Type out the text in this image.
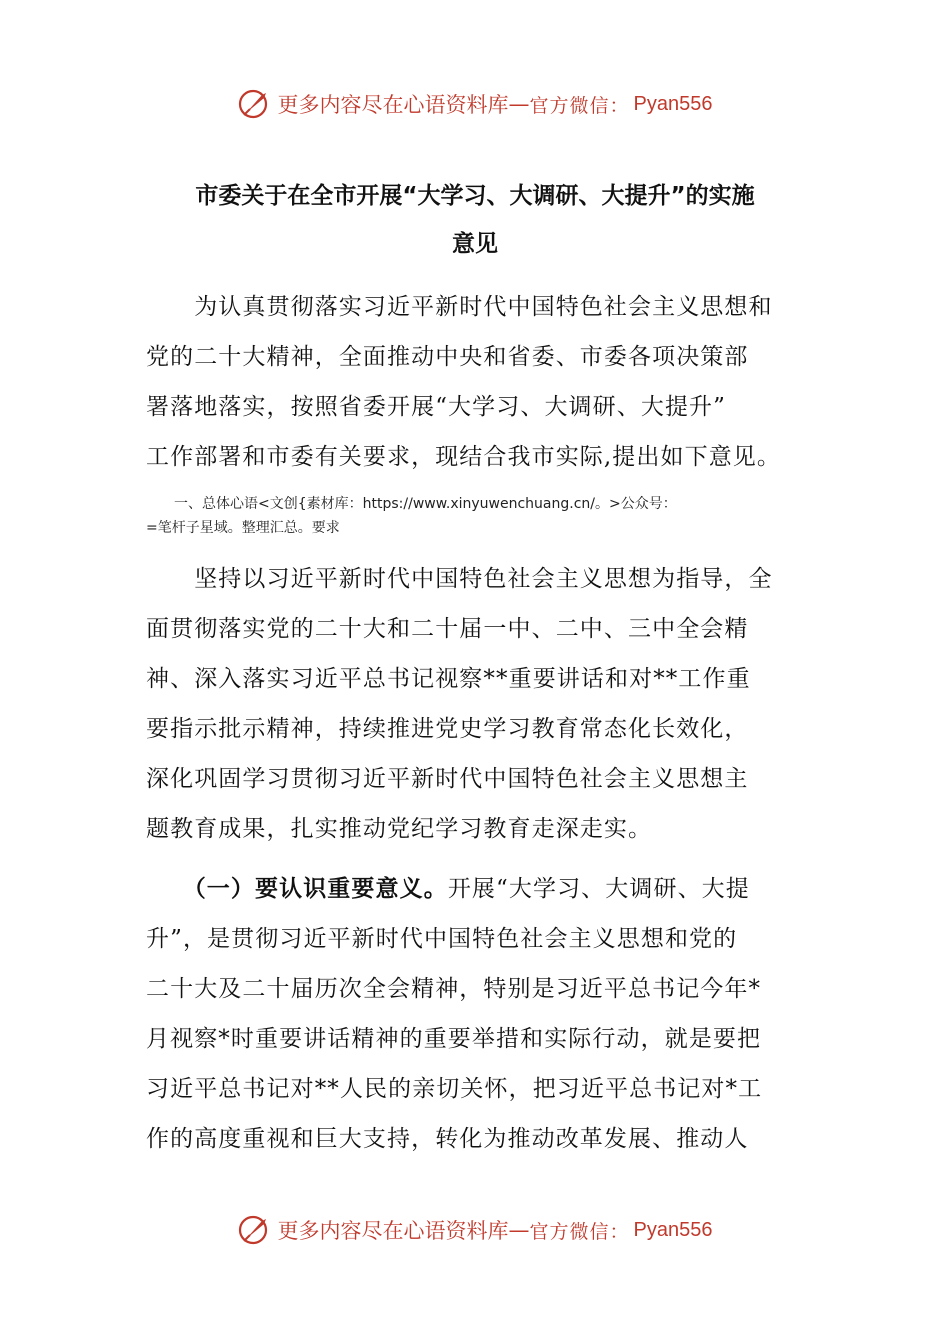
更多内容尽在心语资料库 — 官方微信： Pyan556
市委关于在全市开展“大学习、大调研、大提升”的实施
意见
　　为认真贯彻落实习近平新时代中国特色社会主义思想和
党的二十大精神，全面推动中央和省委、市委各项决策部
署落地落实，按照省委开展“大学习、大调研、大提升”
工作部署和市委有关要求，现结合我市实际,提出如下意见。
　　一、总体心语<文创{素材库：https://www.xinyuwenchuang.cn/。>公众号：
=笔杆子星域。整理汇总。要求
　　坚持以习近平新时代中国特色社会主义思想为指导，全
面贯彻落实党的二十大和二十届一中、二中、三中全会精
神、深入落实习近平总书记视察**重要讲话和对**工作重
要指示批示精神，持续推进党史学习教育常态化长效化，
深化巩固学习贯彻习近平新时代中国特色社会主义思想主
题教育成果，扎实推动党纪学习教育走深走实。
　　（一）要认识重要意义。开展“大学习、大调研、大提
升”，是贯彻习近平新时代中国特色社会主义思想和党的
二十大及二十届历次全会精神，特别是习近平总书记今年*
月视察*时重要讲话精神的重要举措和实际行动，就是要把
习近平总书记对**人民的亲切关怀，把习近平总书记对*工
作的高度重视和巨大支持，转化为推动改革发展、推动人
更多内容尽在心语资料库 — 官方微信： Pyan556
